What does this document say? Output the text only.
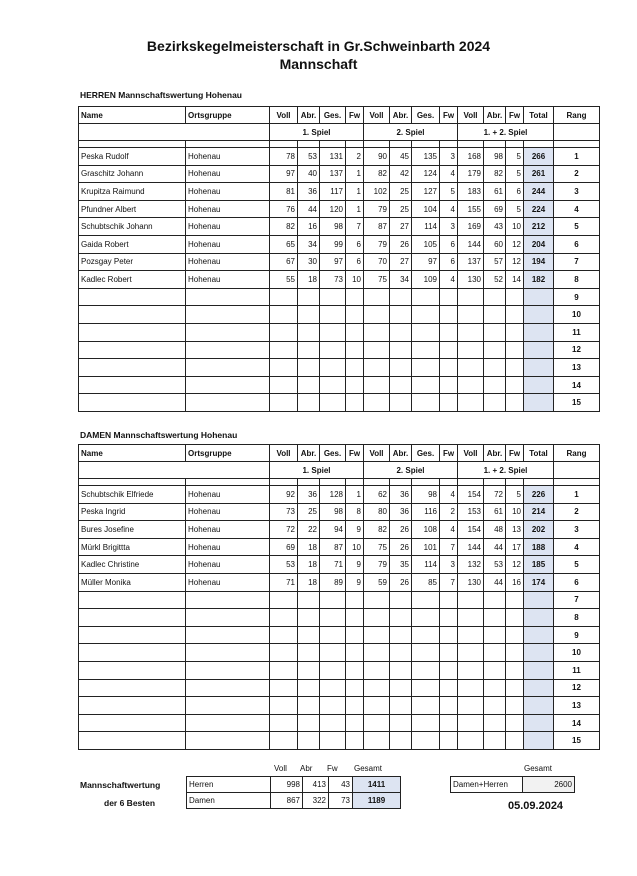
Bezirkskegelmeisterschaft in Gr.Schweinbarth 2024
Mannschaft
HERREN Mannschaftswertung Hohenau
Name	Ortsgruppe	Voll	Abr.	Ges.	Fw	Voll	Abr.	Ges.	Fw	Voll	Abr.	Fw	Total	Rang
		1. Spiel				2. Spiel				1. + 2. Spiel				

Peska Rudolf	Hohenau	78	53	131	2	90	45	135	3	168	98	5	266	1
Graschitz Johann	Hohenau	97	40	137	1	82	42	124	4	179	82	5	261	2
Krupitza Raimund	Hohenau	81	36	117	1	102	25	127	5	183	61	6	244	3
Pfundner Albert	Hohenau	76	44	120	1	79	25	104	4	155	69	5	224	4
Schubtschik Johann	Hohenau	82	16	98	7	87	27	114	3	169	43	10	212	5
Gaida Robert	Hohenau	65	34	99	6	79	26	105	6	144	60	12	204	6
Pozsgay Peter	Hohenau	67	30	97	6	70	27	97	6	137	57	12	194	7
Kadlec Robert	Hohenau	55	18	73	10	75	34	109	4	130	52	14	182	8
														9
														10
														11
														12
														13
														14
														15
DAMEN Mannschaftswertung Hohenau
Name	Ortsgruppe	Voll	Abr.	Ges.	Fw	Voll	Abr.	Ges.	Fw	Voll	Abr.	Fw	Total	Rang
		1. Spiel				2. Spiel				1. + 2. Spiel				

Schubtschik Elfriede	Hohenau	92	36	128	1	62	36	98	4	154	72	5	226	1
Peska Ingrid	Hohenau	73	25	98	8	80	36	116	2	153	61	10	214	2
Bures Josefine	Hohenau	72	22	94	9	82	26	108	4	154	48	13	202	3
Mürkl Brigittta	Hohenau	69	18	87	10	75	26	101	7	144	44	17	188	4
Kadlec Christine	Hohenau	53	18	71	9	79	35	114	3	132	53	12	185	5
Müller Monika	Hohenau	71	18	89	9	59	26	85	7	130	44	16	174	6
														7
														8
														9
														10
														11
														12
														13
														14
														15
Voll Abr Fw Gesamt
Mannschaftwertung
der 6 Besten
Herren	998	413	43	1411
Damen	867	322	73	1189
Gesamt
Damen+Herren	2600
05.09.2024
